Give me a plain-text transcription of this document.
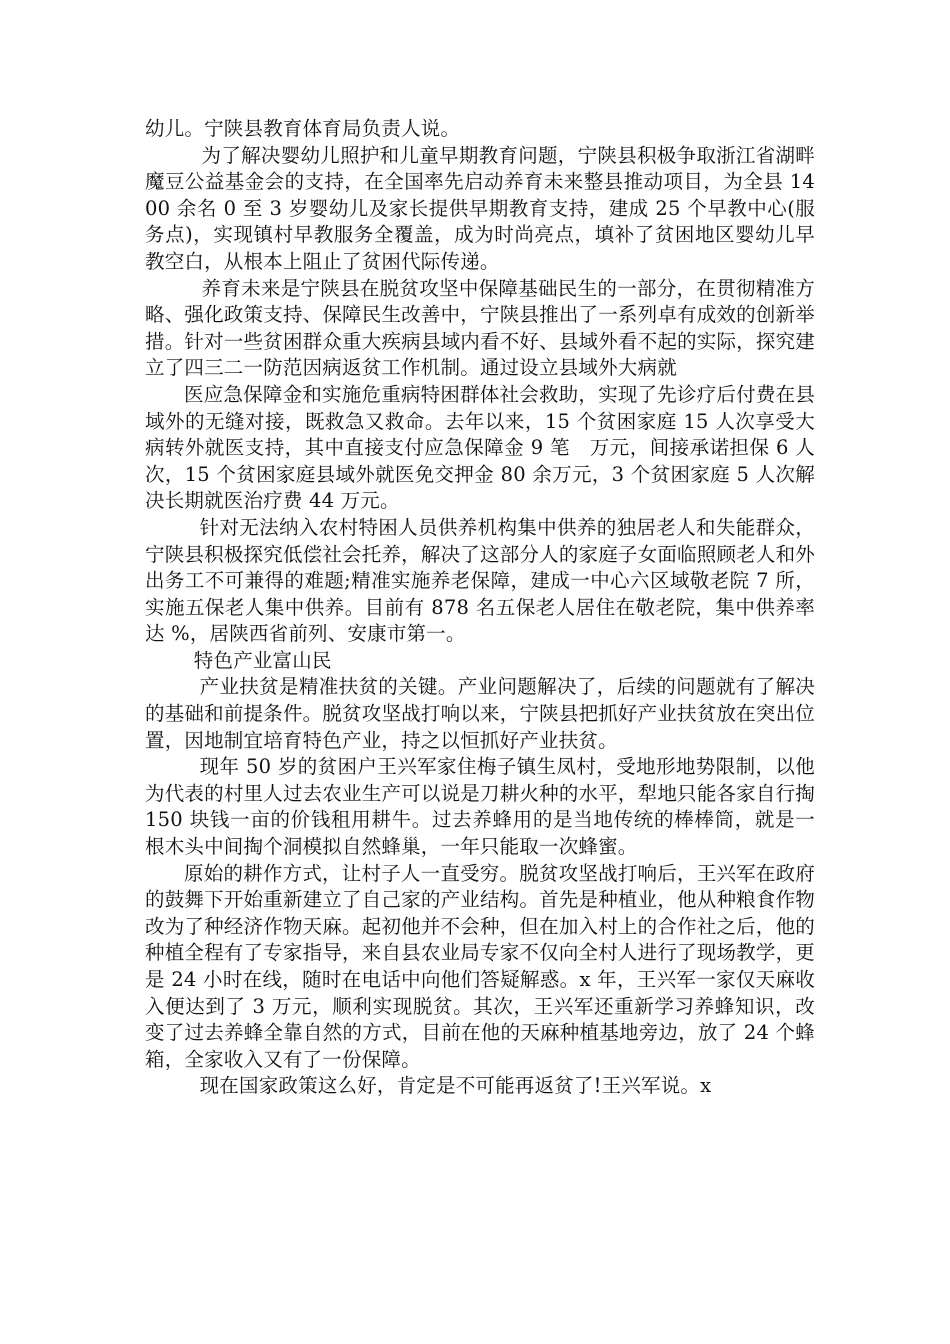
幼儿。宁陕县教育体育局负责人说。

为了解决婴幼儿照护和儿童早期教育问题，宁陕县积极争取浙江省湖畔魔豆公益基金会的支持，在全国率先启动养育未来整县推动项目，为全县 1400 余名 0 至 3 岁婴幼儿及家长提供早期教育支持，建成 25 个早教中心(服务点)，实现镇村早教服务全覆盖，成为时尚亮点，填补了贫困地区婴幼儿早教空白，从根本上阻止了贫困代际传递。

养育未来是宁陕县在脱贫攻坚中保障基础民生的一部分，在贯彻精准方略、强化政策支持、保障民生改善中，宁陕县推出了一系列卓有成效的创新举措。针对一些贫困群众重大疾病县域内看不好、县域外看不起的实际，探究建立了四三二一防范因病返贫工作机制。通过设立县域外大病就

医应急保障金和实施危重病特困群体社会救助，实现了先诊疗后付费在县域外的无缝对接，既救急又救命。去年以来，15 个贫困家庭 15 人次享受大病转外就医支持，其中直接支付应急保障金 9 笔　万元，间接承诺担保 6 人次，15 个贫困家庭县域外就医免交押金 80 余万元，3 个贫困家庭 5 人次解决长期就医治疗费 44 万元。

针对无法纳入农村特困人员供养机构集中供养的独居老人和失能群众，宁陕县积极探究低偿社会托养，解决了这部分人的家庭子女面临照顾老人和外出务工不可兼得的难题;精准实施养老保障，建成一中心六区域敬老院 7 所，实施五保老人集中供养。目前有 878 名五保老人居住在敬老院，集中供养率达 %，居陕西省前列、安康市第一。

特色产业富山民

产业扶贫是精准扶贫的关键。产业问题解决了，后续的问题就有了解决的基础和前提条件。脱贫攻坚战打响以来，宁陕县把抓好产业扶贫放在突出位置，因地制宜培育特色产业，持之以恒抓好产业扶贫。

现年 50 岁的贫困户王兴军家住梅子镇生凤村，受地形地势限制，以他为代表的村里人过去农业生产可以说是刀耕火种的水平，犁地只能各家自行掏 150 块钱一亩的价钱租用耕牛。过去养蜂用的是当地传统的棒棒筒，就是一根木头中间掏个洞模拟自然蜂巢，一年只能取一次蜂蜜。

原始的耕作方式，让村子人一直受穷。脱贫攻坚战打响后，王兴军在政府的鼓舞下开始重新建立了自己家的产业结构。首先是种植业，他从种粮食作物改为了种经济作物天麻。起初他并不会种，但在加入村上的合作社之后，他的种植全程有了专家指导，来自县农业局专家不仅向全村人进行了现场教学，更是 24 小时在线，随时在电话中向他们答疑解惑。x 年，王兴军一家仅天麻收入便达到了 3 万元，顺利实现脱贫。其次，王兴军还重新学习养蜂知识，改变了过去养蜂全靠自然的方式，目前在他的天麻种植基地旁边，放了 24 个蜂箱，全家收入又有了一份保障。

现在国家政策这么好，肯定是不可能再返贫了!王兴军说。x
